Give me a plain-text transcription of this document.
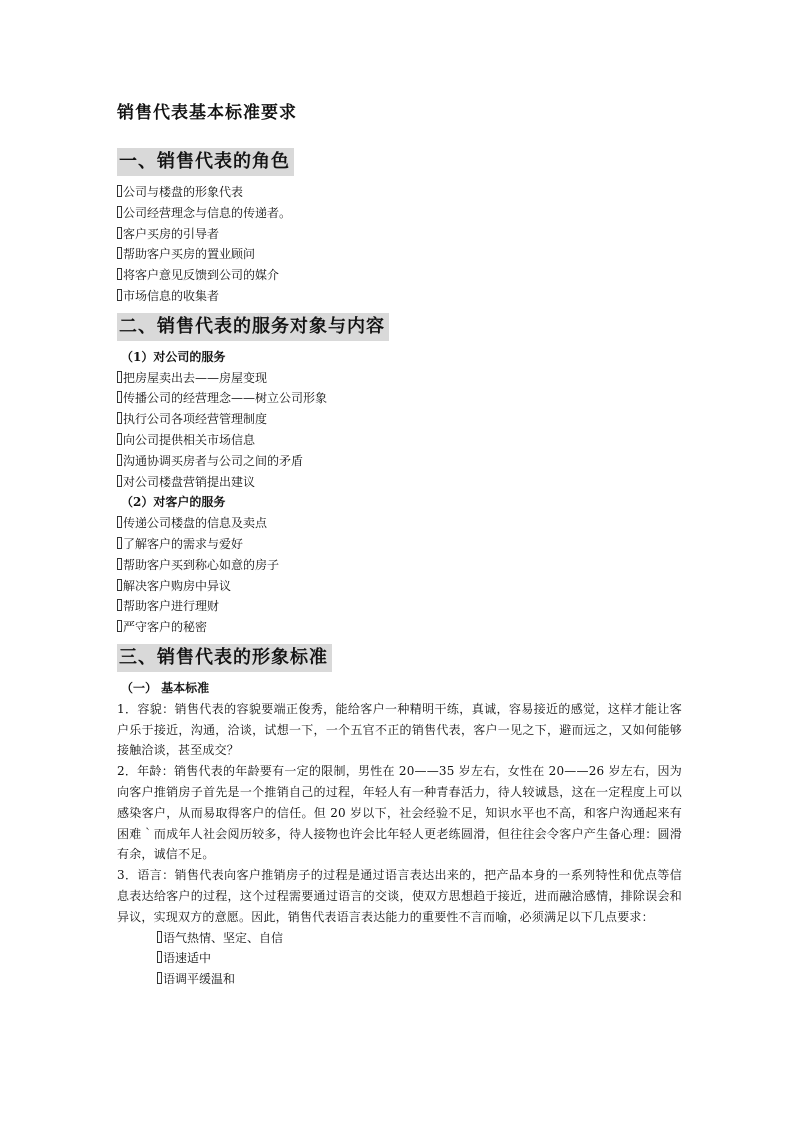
销售代表基本标准要求
一、销售代表的角色
公司与楼盘的形象代表
公司经营理念与信息的传递者。
客户买房的引导者
帮助客户买房的置业顾问
将客户意见反馈到公司的媒介
市场信息的收集者
二、销售代表的服务对象与内容
（1）对公司的服务
把房屋卖出去——房屋变现
传播公司的经营理念——树立公司形象
执行公司各项经营管理制度
向公司提供相关市场信息
沟通协调买房者与公司之间的矛盾
对公司楼盘营销提出建议
（2）对客户的服务
传递公司楼盘的信息及卖点
了解客户的需求与爱好
帮助客户买到称心如意的房子
解决客户购房中异议
帮助客户进行理财
严守客户的秘密
三、销售代表的形象标准
（一） 基本标准
1．容貌：销售代表的容貌要端正俊秀，能给客户一种精明干练，真诚，容易接近的感觉，这样才能让客户乐于接近，沟通，洽谈，试想一下，一个五官不正的销售代表，客户一见之下，避而远之，又如何能够接触洽谈，甚至成交？
2．年龄：销售代表的年龄要有一定的限制，男性在 20——35 岁左右，女性在 20——26 岁左右，因为向客户推销房子首先是一个推销自己的过程，年轻人有一种青春活力，待人较诚恳，这在一定程度上可以感染客户，从而易取得客户的信任。但 20 岁以下，社会经验不足，知识水平也不高，和客户沟通起来有困难｀而成年人社会阅历较多，待人接物也许会比年轻人更老练圆滑，但往往会令客户产生备心理：圆滑有余，诚信不足。
3．语言：销售代表向客户推销房子的过程是通过语言表达出来的，把产品本身的一系列特性和优点等信息表达给客户的过程，这个过程需要通过语言的交谈，使双方思想趋于接近，进而融洽感情，排除误会和异议，实现双方的意愿。因此，销售代表语言表达能力的重要性不言而喻，必须满足以下几点要求：
语气热情、坚定、自信
语速适中
语调平缓温和
